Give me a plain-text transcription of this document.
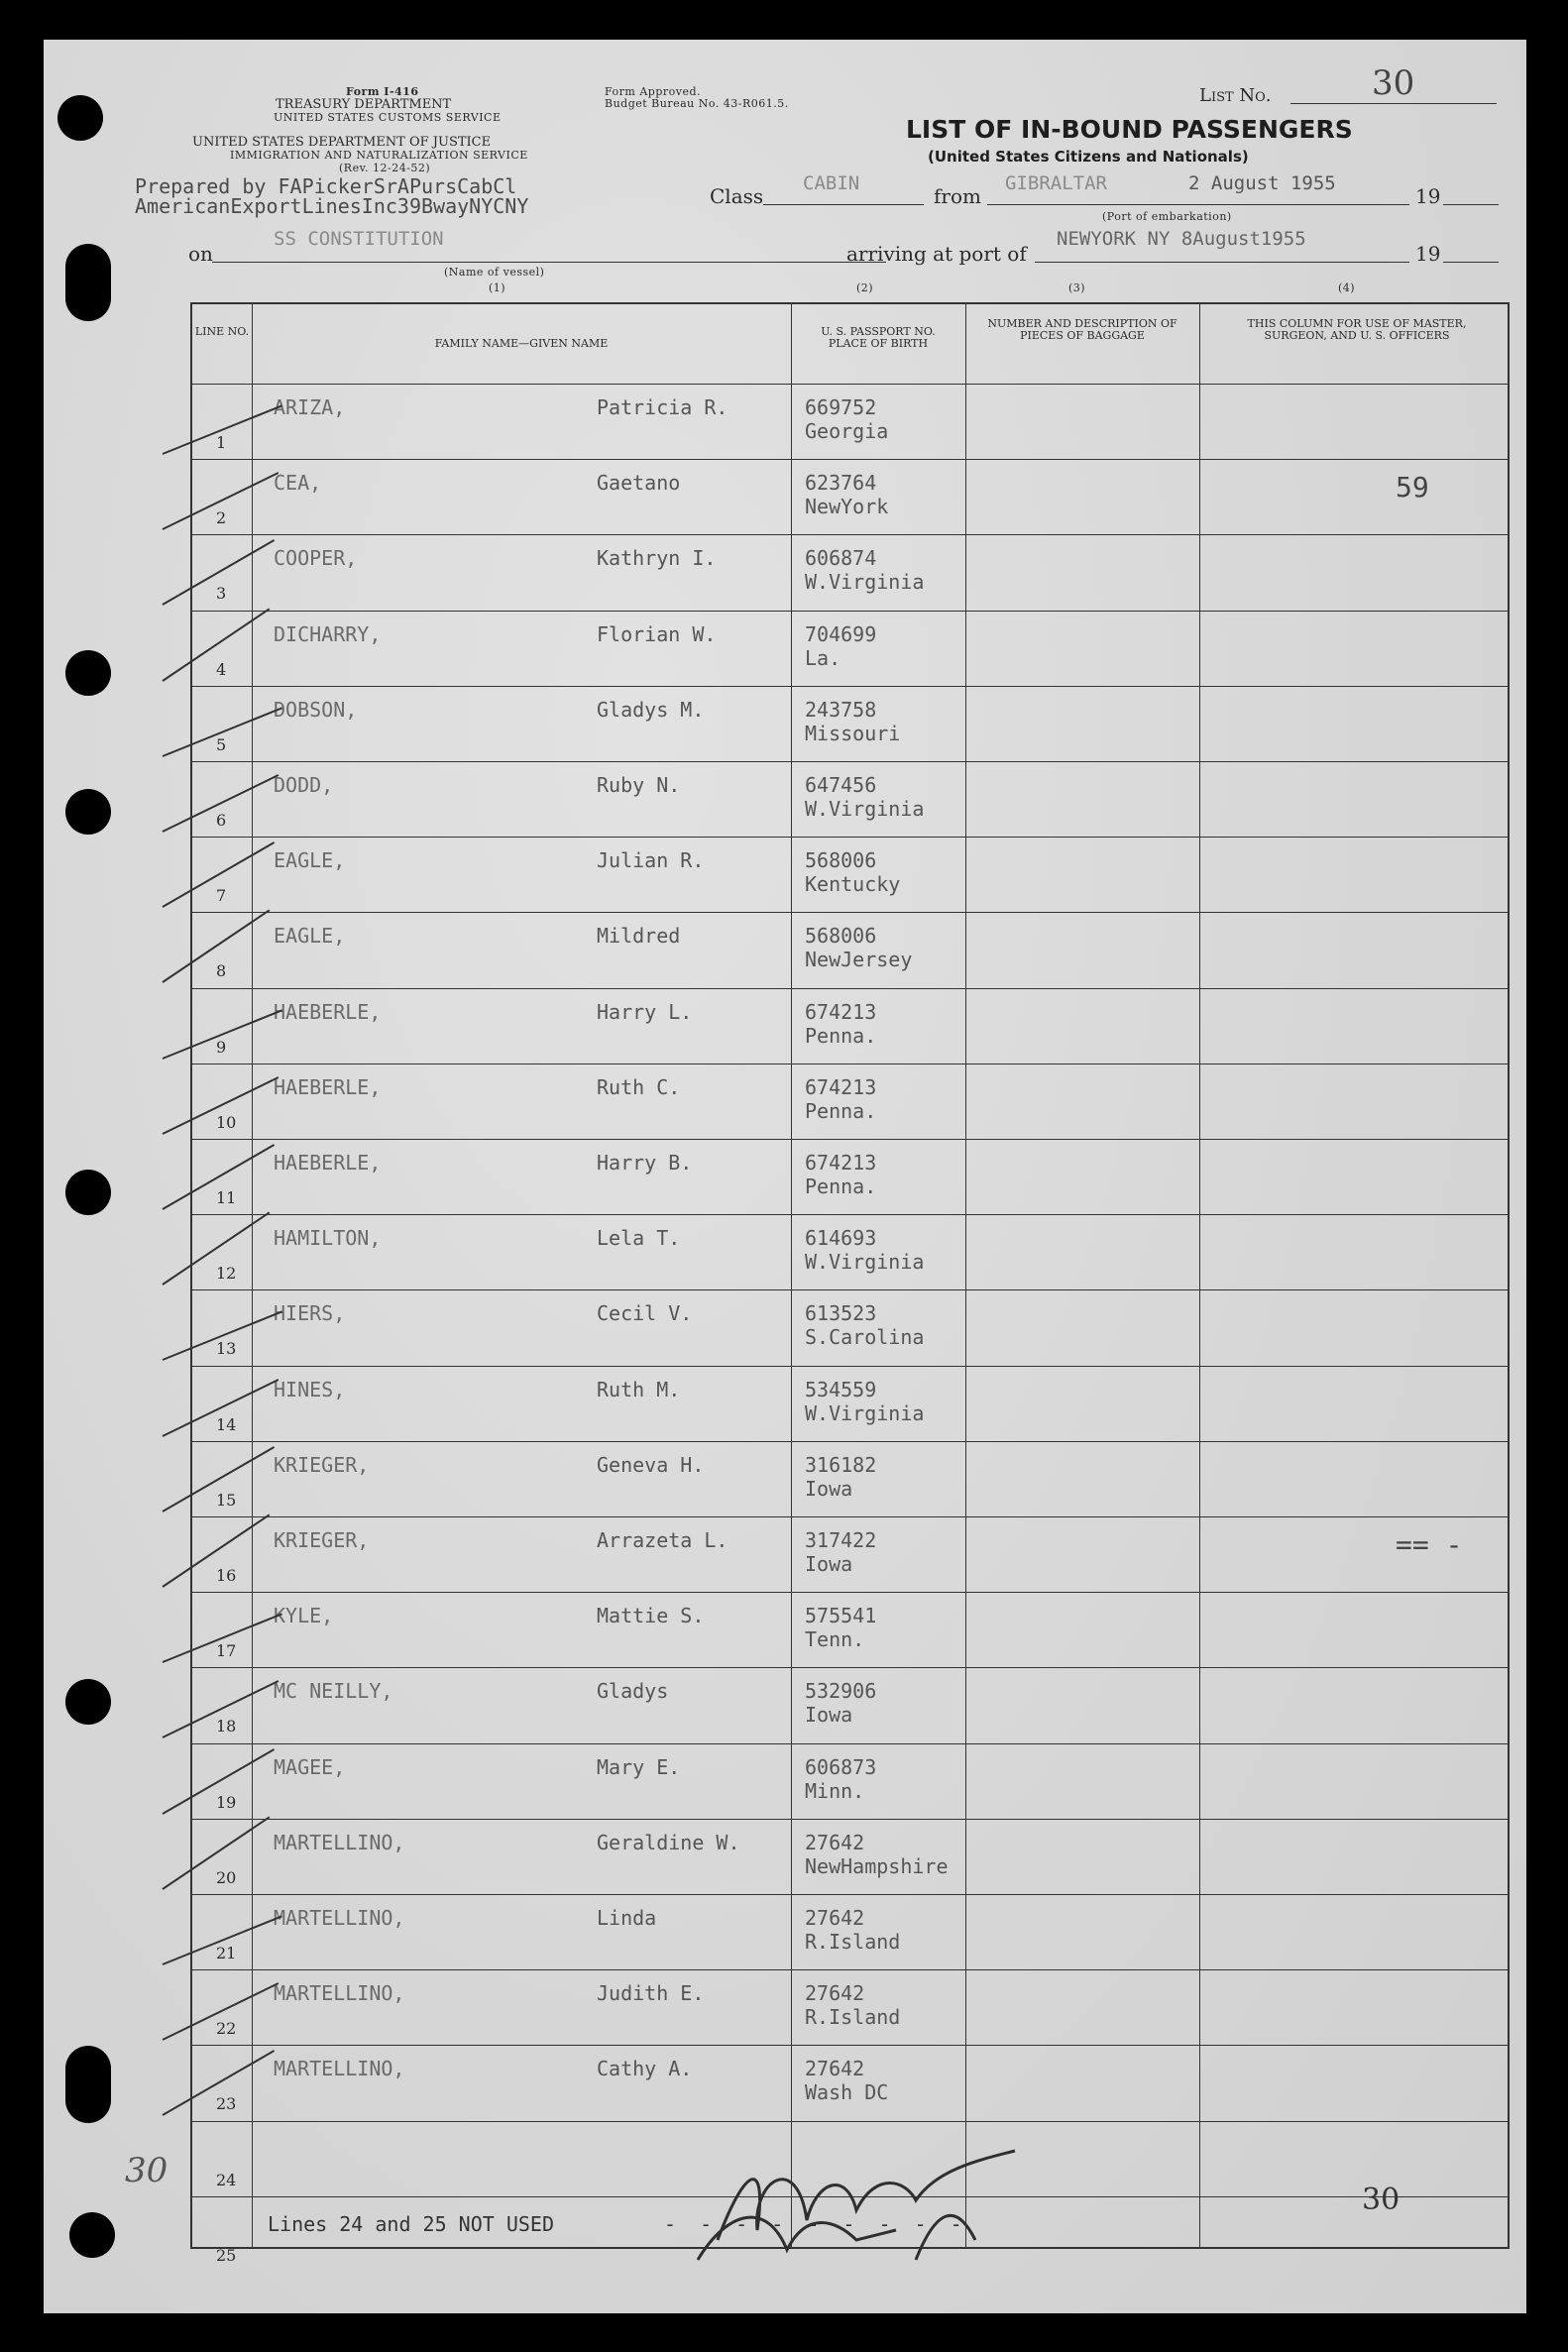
Form I-416
TREASURY DEPARTMENT
UNITED STATES CUSTOMS SERVICE
UNITED STATES DEPARTMENT OF JUSTICE
IMMIGRATION AND NATURALIZATION SERVICE
(Rev. 12-24-52)
Form Approved.
Budget Bureau No. 43-R061.5.
LIST OF IN-BOUND PASSENGERS
(United States Citizens and Nationals)
List No.	30
Prepared by FAPickerSrAPursCabCl
AmericanExportLinesInc39BwayNYCNY	Class
CABIN
from
GIBRALTAR	2 August 1955
19
(Port of embarkation)
on
SS CONSTITUTION
arriving at port of
NEWYORK NY 8August1955
19
(Name of vessel)
(1)	(2)	(3)	(4)
LINE NO.
FAMILY NAME—GIVEN NAME
U. S. PASSPORT NO. PLACE OF BIRTH
NUMBER AND DESCRIPTION OF PIECES OF BAGGAGE
THIS COLUMN FOR USE OF MASTER, SURGEON, AND U. S. OFFICERS
1
ARIZA,	Patricia R.	669752
Georgia
2
CEA,	Gaetano	623764
NewYork
59
3
COOPER,	Kathryn I.	606874
W.Virginia
4
DICHARRY,	Florian W.	704699
La.
5
DOBSON,	Gladys M.	243758
Missouri
6
DODD,	Ruby N.	647456
W.Virginia
7
EAGLE,	Julian R.	568006
Kentucky
8
EAGLE,	Mildred	568006
NewJersey
9
HAEBERLE,	Harry L.	674213
Penna.
10
HAEBERLE,	Ruth C.	674213
Penna.
11
HAEBERLE,	Harry B.	674213
Penna.
12
HAMILTON,	Lela T.	614693
W.Virginia
13
HIERS,	Cecil V.	613523
S.Carolina
14
HINES,	Ruth M.	534559
W.Virginia
15
KRIEGER,	Geneva H.	316182
Iowa
16
KRIEGER,	Arrazeta L.	317422
Iowa
== -
17
KYLE,	Mattie S.	575541
Tenn.
18
MC NEILLY,	Gladys	532906
Iowa
19
MAGEE,	Mary E.	606873
Minn.
20
MARTELLINO,	Geraldine W.	27642
NewHampshire
21
MARTELLINO,	Linda	27642
R.Island
22
MARTELLINO,	Judith E.	27642
R.Island
23
MARTELLINO,	Cathy A.	27642
Wash DC
24
25
Lines 24 and 25 NOT USED	- - - - - - - - -
30
30
